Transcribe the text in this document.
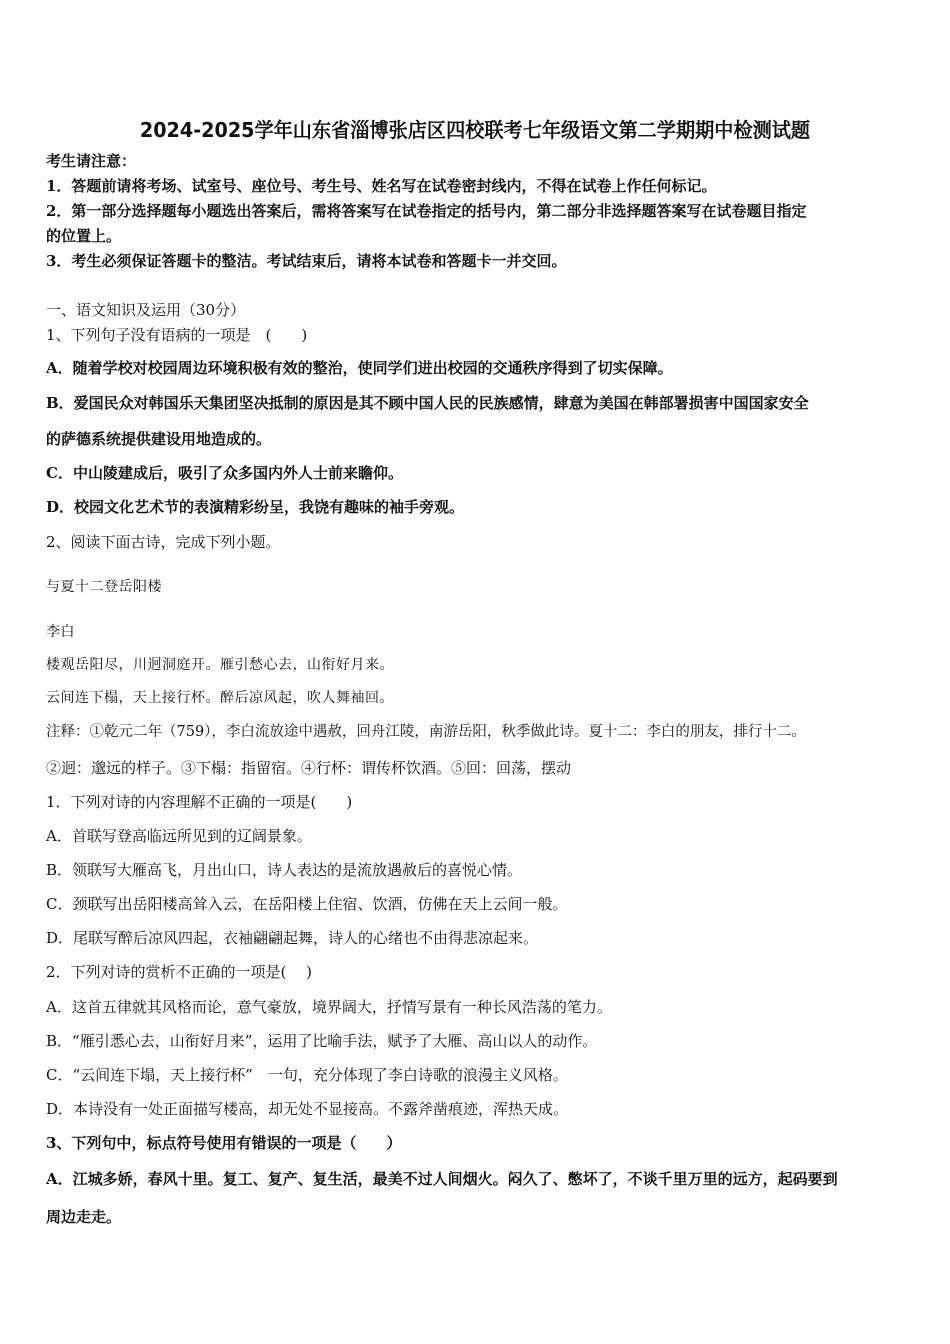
2024-2025学年山东省淄博张店区四校联考七年级语文第二学期期中检测试题
考生请注意：
1．答题前请将考场、试室号、座位号、考生号、姓名写在试卷密封线内，不得在试卷上作任何标记。
2．第一部分选择题每小题选出答案后，需将答案写在试卷指定的括号内，第二部分非选择题答案写在试卷题目指定
的位置上。
3．考生必须保证答题卡的整洁。考试结束后，请将本试卷和答题卡一并交回。
一、语文知识及运用（30分）
1、下列句子没有语病的一项是　(　　)
A．随着学校对校园周边环境积极有效的整治，使同学们进出校园的交通秩序得到了切实保障。
B．爱国民众对韩国乐天集团坚决抵制的原因是其不顾中国人民的民族感情，肆意为美国在韩部署损害中国国家安全
的萨德系统提供建设用地造成的。
C．中山陵建成后，吸引了众多国内外人士前来瞻仰。
D．校园文化艺术节的表演精彩纷呈，我饶有趣味的袖手旁观。
2、阅读下面古诗，完成下列小题。
与夏十二登岳阳楼
李白
楼观岳阳尽，川迥洞庭开。雁引愁心去，山衔好月来。
云间连下榻，天上接行杯。醉后凉风起，吹人舞袖回。
注释：①乾元二年（759），李白流放途中遇赦，回舟江陵，南游岳阳，秋季做此诗。夏十二：李白的朋友，排行十二。
②迥：邈远的样子。③下榻：指留宿。④行杯：谓传杯饮酒。⑤回：回荡，摆动
1．下列对诗的内容理解不正确的一项是(　　)
A．首联写登高临远所见到的辽阔景象。
B．领联写大雁高飞，月出山口，诗人表达的是流放遇赦后的喜悦心情。
C．颈联写出岳阳楼高耸入云，在岳阳楼上住宿、饮酒，仿佛在天上云间一般。
D．尾联写醉后凉风四起，衣袖翩翩起舞，诗人的心绪也不由得悲凉起来。
2．下列对诗的赏析不正确的一项是(　 )
A．这首五律就其风格而论，意气豪放，境界阔大，抒情写景有一种长风浩荡的笔力。
B．“雁引悉心去，山衔好月来”，运用了比喻手法，赋予了大雁、高山以人的动作。
C．“云间连下塌，天上接行杯”　一句，充分体现了李白诗歌的浪漫主义风格。
D．本诗没有一处正面描写楼高，却无处不显接高。不露斧凿痕迹，浑热天成。
3、下列句中，标点符号使用有错误的一项是（　　）
A．江城多娇，春风十里。复工、复产、复生活，最美不过人间烟火。闷久了、憋坏了，不谈千里万里的远方，起码要到
周边走走。
